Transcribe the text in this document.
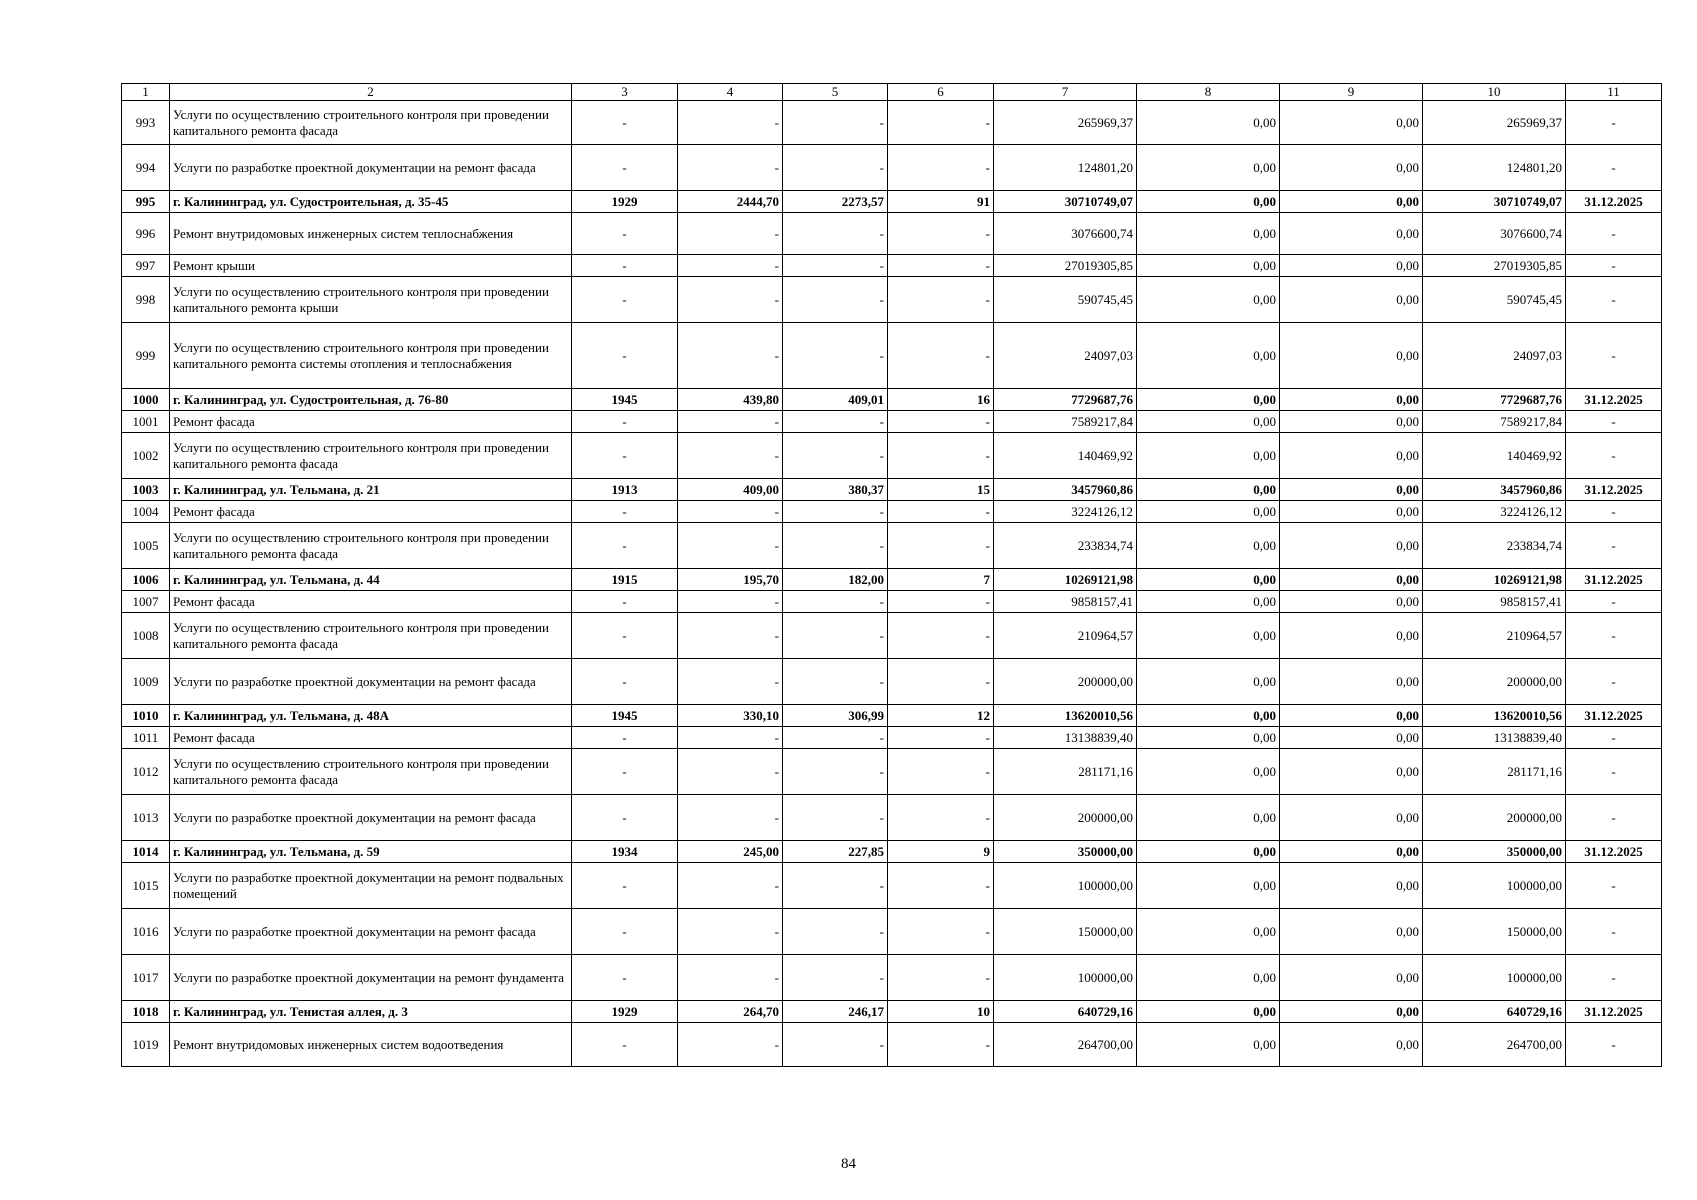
1	2	3	4	5	6	7	8	9	10	11
993	Услуги по осуществлению строительного контроля при проведении капитального ремонта фасада	-	-	-	-	265969,37	0,00	0,00	265969,37	-
994	Услуги по разработке проектной документации на ремонт фасада	-	-	-	-	124801,20	0,00	0,00	124801,20	-
995	г. Калининград, ул. Судостроительная, д. 35-45	1929	2444,70	2273,57	91	30710749,07	0,00	0,00	30710749,07	31.12.2025
996	Ремонт внутридомовых инженерных систем теплоснабжения	-	-	-	-	3076600,74	0,00	0,00	3076600,74	-
997	Ремонт крыши	-	-	-	-	27019305,85	0,00	0,00	27019305,85	-
998	Услуги по осуществлению строительного контроля при проведении капитального ремонта крыши	-	-	-	-	590745,45	0,00	0,00	590745,45	-
999	Услуги по осуществлению строительного контроля при проведении капитального ремонта системы отопления и теплоснабжения	-	-	-	-	24097,03	0,00	0,00	24097,03	-
1000	г. Калининград, ул. Судостроительная, д. 76-80	1945	439,80	409,01	16	7729687,76	0,00	0,00	7729687,76	31.12.2025
1001	Ремонт фасада	-	-	-	-	7589217,84	0,00	0,00	7589217,84	-
1002	Услуги по осуществлению строительного контроля при проведении капитального ремонта фасада	-	-	-	-	140469,92	0,00	0,00	140469,92	-
1003	г. Калининград, ул. Тельмана, д. 21	1913	409,00	380,37	15	3457960,86	0,00	0,00	3457960,86	31.12.2025
1004	Ремонт фасада	-	-	-	-	3224126,12	0,00	0,00	3224126,12	-
1005	Услуги по осуществлению строительного контроля при проведении капитального ремонта фасада	-	-	-	-	233834,74	0,00	0,00	233834,74	-
1006	г. Калининград, ул. Тельмана, д. 44	1915	195,70	182,00	7	10269121,98	0,00	0,00	10269121,98	31.12.2025
1007	Ремонт фасада	-	-	-	-	9858157,41	0,00	0,00	9858157,41	-
1008	Услуги по осуществлению строительного контроля при проведении капитального ремонта фасада	-	-	-	-	210964,57	0,00	0,00	210964,57	-
1009	Услуги по разработке проектной документации на ремонт фасада	-	-	-	-	200000,00	0,00	0,00	200000,00	-
1010	г. Калининград, ул. Тельмана, д. 48А	1945	330,10	306,99	12	13620010,56	0,00	0,00	13620010,56	31.12.2025
1011	Ремонт фасада	-	-	-	-	13138839,40	0,00	0,00	13138839,40	-
1012	Услуги по осуществлению строительного контроля при проведении капитального ремонта фасада	-	-	-	-	281171,16	0,00	0,00	281171,16	-
1013	Услуги по разработке проектной документации на ремонт фасада	-	-	-	-	200000,00	0,00	0,00	200000,00	-
1014	г. Калининград, ул. Тельмана, д. 59	1934	245,00	227,85	9	350000,00	0,00	0,00	350000,00	31.12.2025
1015	Услуги по разработке проектной документации на ремонт подвальных помещений	-	-	-	-	100000,00	0,00	0,00	100000,00	-
1016	Услуги по разработке проектной документации на ремонт фасада	-	-	-	-	150000,00	0,00	0,00	150000,00	-
1017	Услуги по разработке проектной документации на ремонт фундамента	-	-	-	-	100000,00	0,00	0,00	100000,00	-
1018	г. Калининград, ул. Тенистая аллея, д. 3	1929	264,70	246,17	10	640729,16	0,00	0,00	640729,16	31.12.2025
1019	Ремонт внутридомовых инженерных систем водоотведения	-	-	-	-	264700,00	0,00	0,00	264700,00	-
84
